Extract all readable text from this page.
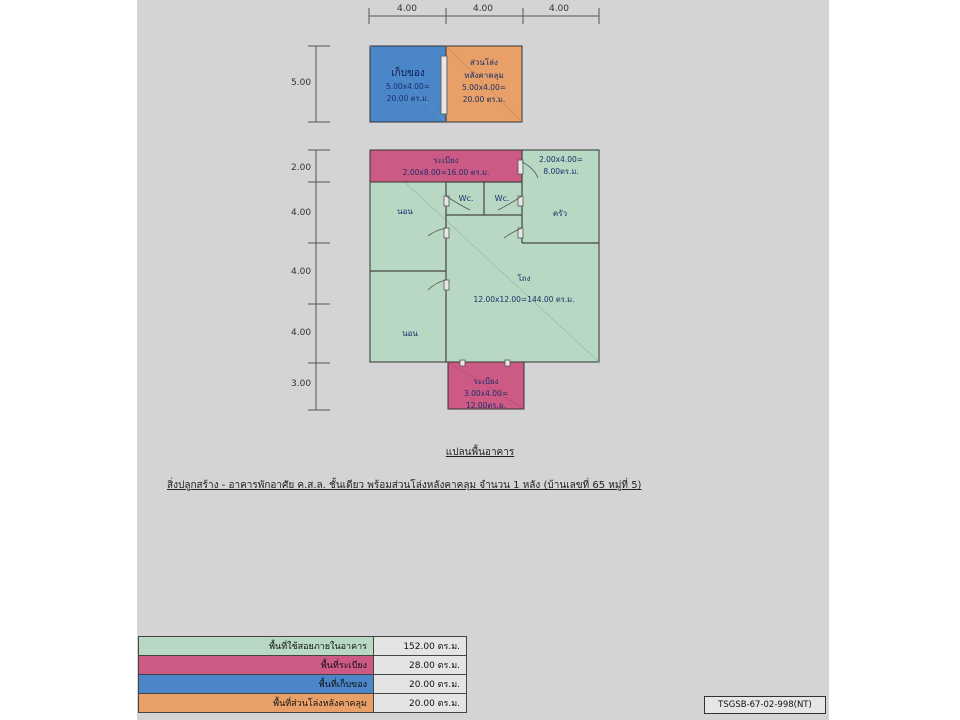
4.00	4.00	4.00
5.00
2.00
4.00
4.00
4.00
3.00
เก็บของ
5.00x4.00=
20.00 ตร.ม.
ส่วนโล่ง
หลังคาคลุม
5.00x4.00=
20.00 ตร.ม.
ระเบียง
2.00x8.00=16.00 ตร.ม.
2.00x4.00=
8.00ตร.ม.
นอน
Wc.	Wc.
ครัว
โถง
12.00x12.00=144.00 ตร.ม.
นอน
ระเบียง
3.00x4.00=
12.00ตร.ม.
แปลนพื้นอาคาร
สิ่งปลูกสร้าง - อาคารพักอาศัย ค.ส.ล. ชั้นเดียว พร้อมส่วนโล่งหลังคาคลุม จำนวน 1 หลัง (บ้านเลขที่ 65 หมู่ที่ 5)
พื้นที่ใช้สอยภายในอาคาร	152.00 ตร.ม.
พื้นที่ระเบียง	28.00 ตร.ม.
พื้นที่เก็บของ	20.00 ตร.ม.
พื้นที่ส่วนโล่งหลังคาคลุม	20.00 ตร.ม.	TSGSB-67-02-998(NT)
